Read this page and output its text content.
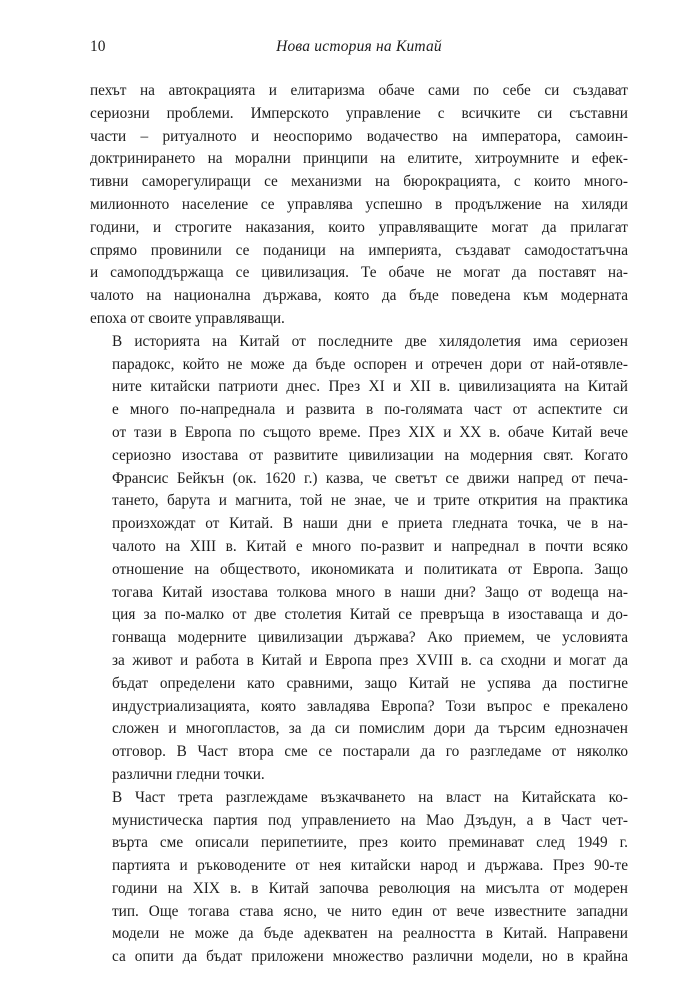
10	Нова история на Китай

пехът на автокрацията и елитаризма обаче сами по себе си създават
сериозни проблеми. Имперското управление с всичките си съставни
части – ритуалното и неоспоримо водачество на императора, самоин-
доктринирането на морални принципи на елитите, хитроумните и ефек-
тивни саморегулиращи се механизми на бюрокрацията, с които много-
милионното население се управлява успешно в продължение на хиляди
години, и строгите наказания, които управляващите могат да прилагат
спрямо провинили се поданици на империята, създават самодостатъчна
и самоподдържаща се цивилизация. Те обаче не могат да поставят на-
чалото на национална държава, която да бъде поведена към модерната
епоха от своите управляващи.

В историята на Китай от последните две хилядолетия има сериозен
парадокс, който не може да бъде оспорен и отречен дори от най-отявле-
ните китайски патриоти днес. През XI и XII в. цивилизацията на Китай
е много по-напреднала и развита в по-голямата част от аспектите си
от тази в Европа по същото време. През XIX и XX в. обаче Китай вече
сериозно изостава от развитите цивилизации на модерния свят. Когато
Франсис Бейкън (ок. 1620 г.) казва, че светът се движи напред от печа-
тането, барута и магнита, той не знае, че и трите открития на практика
произхождат от Китай. В наши дни е приета гледната точка, че в на-
чалото на XIII в. Китай е много по-развит и напреднал в почти всяко
отношение на обществото, икономиката и политиката от Европа. Защо
тогава Китай изостава толкова много в наши дни? Защо от водеща на-
ция за по-малко от две столетия Китай се превръща в изоставаща и до-
гонваща модерните цивилизации държава? Ако приемем, че условията
за живот и работа в Китай и Европа през XVIII в. са сходни и могат да
бъдат определени като сравними, защо Китай не успява да постигне
индустриализацията, която завладява Европа? Този въпрос е прекалено
сложен и многопластов, за да си помислим дори да търсим еднозначен
отговор. В Част втора сме се постарали да го разгледаме от няколко
различни гледни точки.

В Част трета разглеждаме възкачването на власт на Китайската ко-
мунистическа партия под управлението на Мао Дзъдун, а в Част чет-
върта сме описали перипетиите, през които преминават след 1949 г.
партията и ръководените от нея китайски народ и държава. През 90-те
години на XIX в. в Китай започва революция на мисълта от модерен
тип. Още тогава става ясно, че нито един от вече известните западни
модели не може да бъде адекватен на реалността в Китай. Направени
са опити да бъдат приложени множество различни модели, но в крайна
